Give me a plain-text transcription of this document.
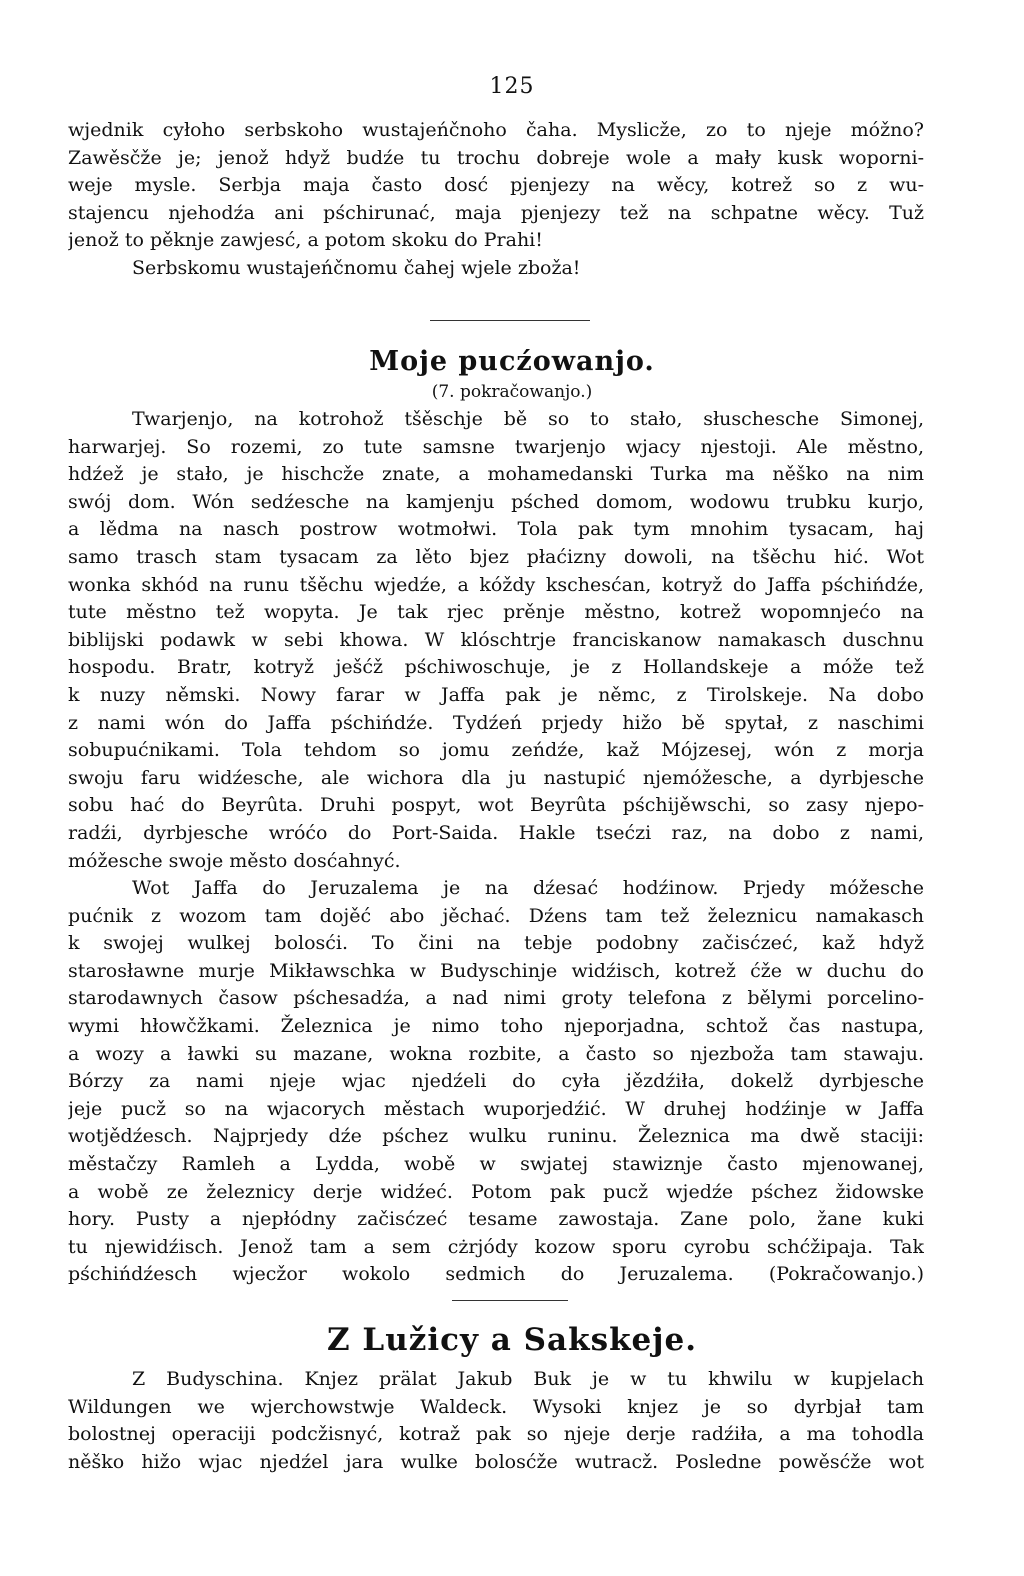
125
wjednik cyłoho serbskoho wustajeńčnoho čaha. Myslicže, zo to njeje móžno?
Zawěsčže je; jenož hdyž budźe tu trochu dobreje wole a mały kusk woporni-
weje mysle. Serbja maja často dosć pjenjezy na wěcy, kotrež so z wu-
stajencu njehodźa ani pśchirunać, maja pjenjezy tež na schpatne wěcy. Tuž
jenož to pěknje zawjesć, a potom skoku do Prahi!
Serbskomu wustajeńčnomu čahej wjele zboža!
Moje pucźowanjo.
(7. pokračowanjo.)
Twarjenjo, na kotrohož tšěschje bě so to stało, słuschesche Simonej,
harwarjej. So rozemi, zo tute samsne twarjenjo wjacy njestoji. Ale městno,
hdźež je stało, je hischcže znate, a mohamedanski Turka ma něško na nim
swój dom. Wón sedźesche na kamjenju pśched domom, wodowu trubku kurjo,
a lědma na nasch postrow wotmołwi. Tola pak tym mnohim tysacam, haj
samo trasch stam tysacam za lěto bjez płaćizny dowoli, na tšěchu hić. Wot
wonka skhód na runu tšěchu wjedźe, a kóždy kschesćan, kotryž do Jaffa pśchińdźe,
tute městno tež wopyta. Je tak rjec prěnje městno, kotrež wopomnjećo na
biblijski podawk w sebi khowa. W klóschtrje franciskanow namakasch duschnu
hospodu. Bratr, kotryž ješćž pśchiwoschuje, je z Hollandskeje a móže tež
k nuzy němski. Nowy farar w Jaffa pak je němc, z Tirolskeje. Na dobo
z nami wón do Jaffa pśchińdźe. Tydźeń prjedy hižo bě spytał, z naschimi
sobupućnikami. Tola tehdom so jomu zeńdźe, kaž Mójzesej, wón z morja
swoju faru widźesche, ale wichora dla ju nastupić njemóžesche, a dyrbjesche
sobu hać do Beyrûta. Druhi pospyt, wot Beyrûta pśchijěwschi, so zasy njepo-
radźi, dyrbjesche wróćo do Port-Saida. Hakle tsećzi raz, na dobo z nami,
móžesche swoje město dosćahnyć.
Wot Jaffa do Jeruzalema je na dźesać hodźinow. Prjedy móžesche
pućnik z wozom tam dojěć abo jěchać. Dźens tam tež železnicu namakasch
k swojej wulkej bolosći. To čini na tebje podobny začisćzeć, kaž hdyž
starosławne murje Mikławschka w Budyschinje widźisch, kotrež ćže w duchu do
starodawnych časow pśchesadźa, a nad nimi groty telefona z bělymi porcelino-
wymi hłowčžkami. Železnica je nimo toho njeporjadna, schtož čas nastupa,
a wozy a ławki su mazane, wokna rozbite, a často so njezboža tam stawaju.
Bórzy za nami njeje wjac njedźeli do cyła jězdźiła, dokelž dyrbjesche
jeje pucž so na wjacorych městach wuporjedźić. W druhej hodźinje w Jaffa
wotjědźesch. Najprjedy dźe pśchez wulku runinu. Železnica ma dwě staciji:
městačzy Ramleh a Lydda, wobě w swjatej stawiznje často mjenowanej,
a wobě ze železnicy derje widźeć. Potom pak pucž wjedźe pśchez židowske
hory. Pusty a njepłódny začisćzeć tesame zawostaja. Zane polo, žane kuki
tu njewidźisch. Jenož tam a sem cżrjódy kozow sporu cyrobu schćžipaja. Tak
pśchińdźesch wjecžor wokolo sedmich do Jeruzalema. (Pokračowanjo.)
Z Lužicy a Sakskeje.
Z Budyschina. Knjez prälat Jakub Buk je w tu khwilu w kupjelach
Wildungen we wjerchowstwje Waldeck. Wysoki knjez je so dyrbjał tam
bolostnej operaciji podcžisnyć, kotraž pak so njeje derje radźiła, a ma tohodla
něško hižo wjac njedźel jara wulke bolosćže wutracž. Posledne powěsćže wot
